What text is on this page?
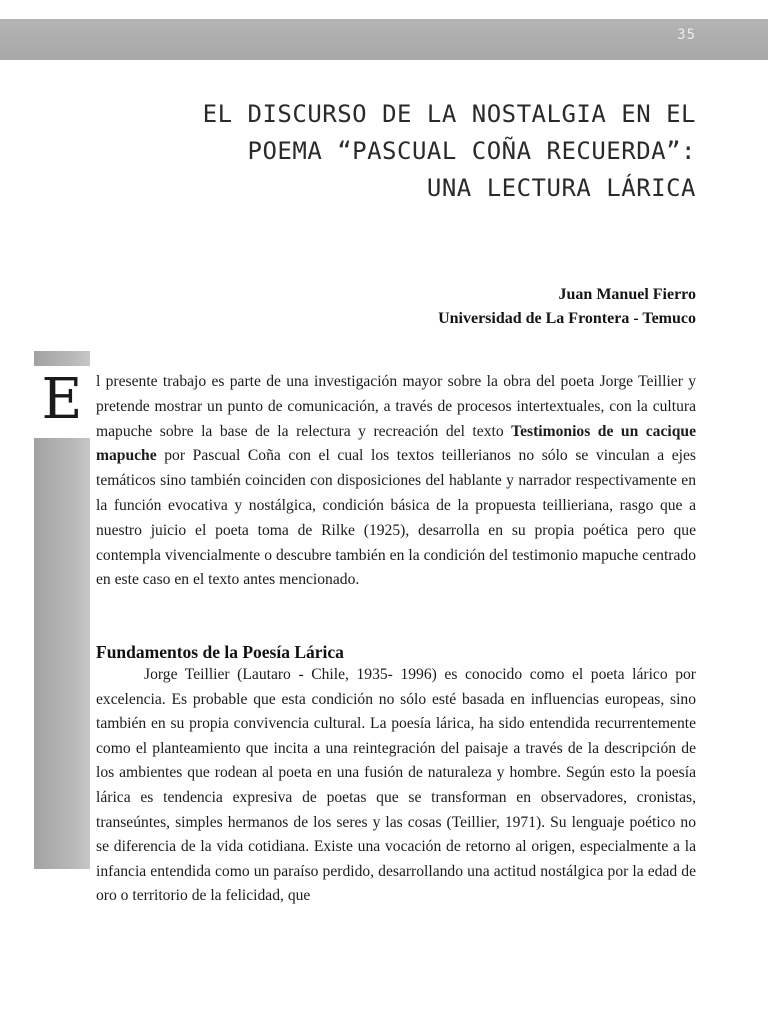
35
EL DISCURSO DE LA NOSTALGIA EN EL
POEMA “PASCUAL COÑA RECUERDA”:
UNA LECTURA LÁRICA
Juan Manuel Fierro
Universidad de La Frontera - Temuco
E l presente trabajo es parte de una investigación mayor sobre la obra del poeta Jorge Teillier y pretende mostrar un punto de comunicación, a través de procesos intertextuales, con la cultura mapuche sobre la base de la relectura y recreación del texto Testimonios de un cacique mapuche por Pascual Coña con el cual los textos teillerianos no sólo se vinculan a ejes temáticos sino también coinciden con disposiciones del hablante y narrador respectivamente en la función evocativa y nostálgica, condición básica de la propuesta teillieriana, rasgo que a nuestro juicio el poeta toma de Rilke (1925), desarrolla en su propia poética pero que contempla vivencialmente o descubre también en la condición del testimonio mapuche centrado en este caso en el texto antes mencionado.
Fundamentos de la Poesía Lárica
Jorge Teillier (Lautaro - Chile, 1935- 1996) es conocido como el poeta lárico por excelencia. Es probable que esta condición no sólo esté basada en influencias europeas, sino también en su propia convivencia cultural. La poesía lárica, ha sido entendida recurrentemente como el planteamiento que incita a una reintegración del paisaje a través de la descripción de los ambientes que rodean al poeta en una fusión de naturaleza y hombre. Según esto la poesía lárica es tendencia expresiva de poetas que se transforman en observadores, cronistas, transeúntes, simples hermanos de los seres y las cosas (Teillier, 1971). Su lenguaje poético no se diferencia de la vida cotidiana. Existe una vocación de retorno al origen, especialmente a la infancia entendida como un paraíso perdido, desarrollando una actitud nostálgica por la edad de oro o territorio de la felicidad, que
